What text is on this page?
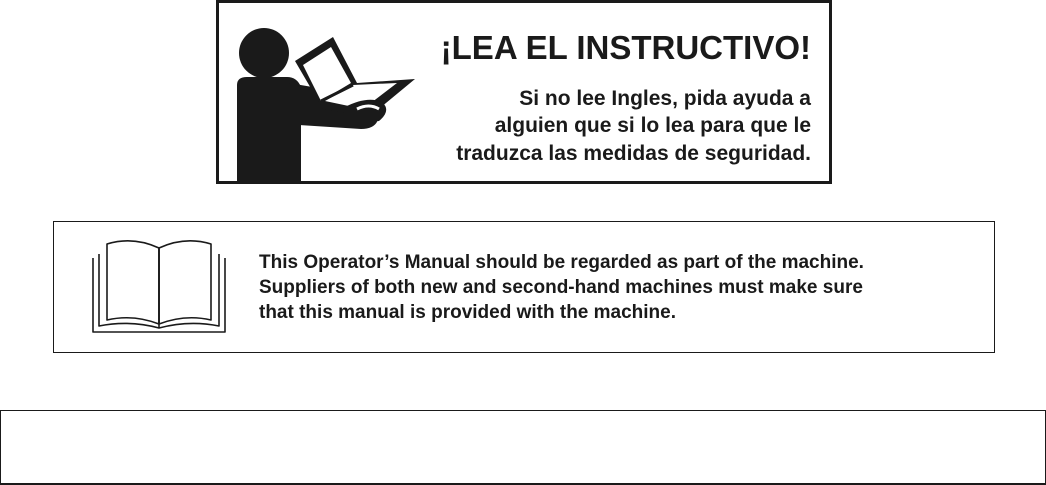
¡LEA EL INSTRUCTIVO!
Si no lee Ingles, pida ayuda a
alguien que si lo lea para que le
traduzca las medidas de seguridad.
This Operator’s Manual should be regarded as part of the machine.
Suppliers of both new and second-hand machines must make sure
that this manual is provided with the machine.
